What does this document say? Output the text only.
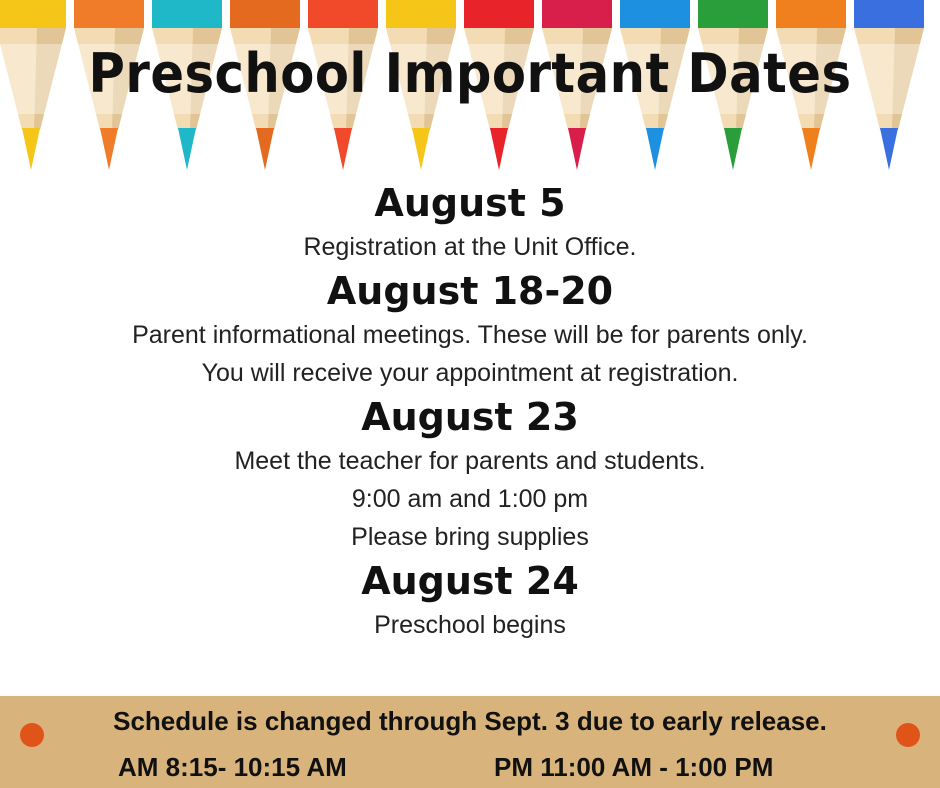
Preschool Important Dates

August 5

Registration at the Unit Office.

August 18-20

Parent informational meetings. These will be for parents only.

You will receive your appointment at registration.

August 23

Meet the teacher for parents and students.

9:00 am and 1:00 pm

Please bring supplies

August 24

Preschool begins

Schedule is changed through Sept. 3 due to early release.
AM 8:15- 10:15 AM	PM 11:00 AM - 1:00 PM
